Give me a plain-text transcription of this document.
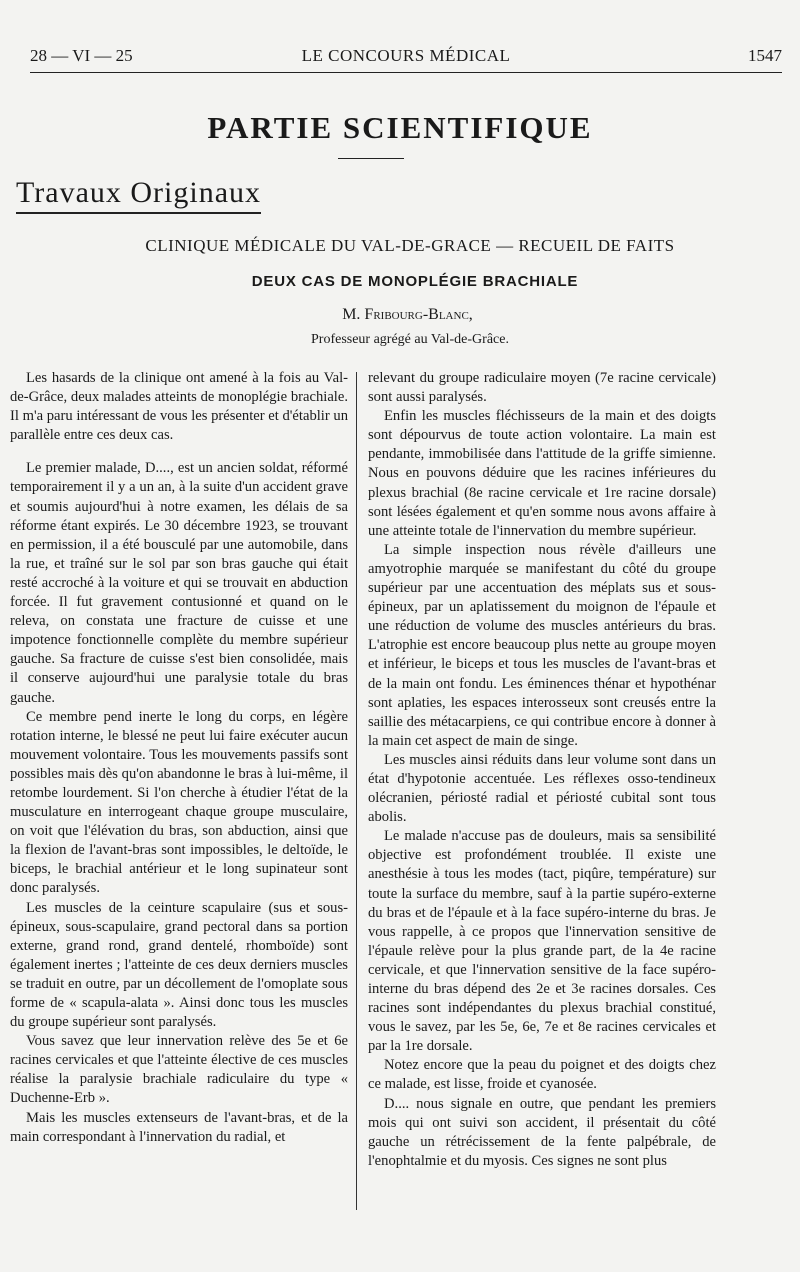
28 — VI — 25	LE CONCOURS MÉDICAL	1547
PARTIE SCIENTIFIQUE
Travaux Originaux
CLINIQUE MÉDICALE DU VAL-DE-GRACE — RECUEIL DE FAITS
DEUX CAS DE MONOPLÉGIE BRACHIALE
M. Fribourg-Blanc,
Professeur agrégé au Val-de-Grâce.

Les hasards de la clinique ont amené à la fois au Val-de-Grâce, deux malades atteints de monoplégie brachiale. Il m'a paru intéressant de vous les présenter et d'établir un parallèle entre ces deux cas.

Le premier malade, D...., est un ancien soldat, réformé temporairement il y a un an, à la suite d'un accident grave et soumis aujourd'hui à notre examen, les délais de sa réforme étant expirés. Le 30 décembre 1923, se trouvant en permission, il a été bousculé par une automobile, dans la rue, et traîné sur le sol par son bras gauche qui était resté accroché à la voiture et qui se trouvait en abduction forcée. Il fut gravement contusionné et quand on le releva, on constata une fracture de cuisse et une impotence fonctionnelle complète du membre supérieur gauche. Sa fracture de cuisse s'est bien consolidée, mais il conserve aujourd'hui une paralysie totale du bras gauche.

Ce membre pend inerte le long du corps, en légère rotation interne, le blessé ne peut lui faire exécuter aucun mouvement volontaire. Tous les mouvements passifs sont possibles mais dès qu'on abandonne le bras à lui-même, il retombe lourdement. Si l'on cherche à étudier l'état de la musculature en interrogeant chaque groupe musculaire, on voit que l'élévation du bras, son abduction, ainsi que la flexion de l'avant-bras sont impossibles, le deltoïde, le biceps, le brachial antérieur et le long supinateur sont donc paralysés.

Les muscles de la ceinture scapulaire (sus et sous-épineux, sous-scapulaire, grand pectoral dans sa portion externe, grand rond, grand dentelé, rhomboïde) sont également inertes ; l'atteinte de ces deux derniers muscles se traduit en outre, par un décollement de l'omoplate sous forme de « scapula-alata ». Ainsi donc tous les muscles du groupe supérieur sont paralysés.

Vous savez que leur innervation relève des 5e et 6e racines cervicales et que l'atteinte élective de ces muscles réalise la paralysie brachiale radiculaire du type « Duchenne-Erb ».

Mais les muscles extenseurs de l'avant-bras, et de la main correspondant à l'innervation du radial, et

relevant du groupe radiculaire moyen (7e racine cervicale) sont aussi paralysés.

Enfin les muscles fléchisseurs de la main et des doigts sont dépourvus de toute action volontaire. La main est pendante, immobilisée dans l'attitude de la griffe simienne. Nous en pouvons déduire que les racines inférieures du plexus brachial (8e racine cervicale et 1re racine dorsale) sont lésées également et qu'en somme nous avons affaire à une atteinte totale de l'innervation du membre supérieur.

La simple inspection nous révèle d'ailleurs une amyotrophie marquée se manifestant du côté du groupe supérieur par une accentuation des méplats sus et sous-épineux, par un aplatissement du moignon de l'épaule et une réduction de volume des muscles antérieurs du bras. L'atrophie est encore beaucoup plus nette au groupe moyen et inférieur, le biceps et tous les muscles de l'avant-bras et de la main ont fondu. Les éminences thénar et hypothénar sont aplaties, les espaces interosseux sont creusés entre la saillie des métacarpiens, ce qui contribue encore à donner à la main cet aspect de main de singe.

Les muscles ainsi réduits dans leur volume sont dans un état d'hypotonie accentuée. Les réflexes osso-tendineux olécranien, périosté radial et périosté cubital sont tous abolis.

Le malade n'accuse pas de douleurs, mais sa sensibilité objective est profondément troublée. Il existe une anesthésie à tous les modes (tact, piqûre, température) sur toute la surface du membre, sauf à la partie supéro-externe du bras et de l'épaule et à la face supéro-interne du bras. Je vous rappelle, à ce propos que l'innervation sensitive de l'épaule relève pour la plus grande part, de la 4e racine cervicale, et que l'innervation sensitive de la face supéro-interne du bras dépend des 2e et 3e racines dorsales. Ces racines sont indépendantes du plexus brachial constitué, vous le savez, par les 5e, 6e, 7e et 8e racines cervicales et par la 1re dorsale.

Notez encore que la peau du poignet et des doigts chez ce malade, est lisse, froide et cyanosée.

D.... nous signale en outre, que pendant les premiers mois qui ont suivi son accident, il présentait du côté gauche un rétrécissement de la fente palpébrale, de l'enophtalmie et du myosis. Ces signes ne sont plus
